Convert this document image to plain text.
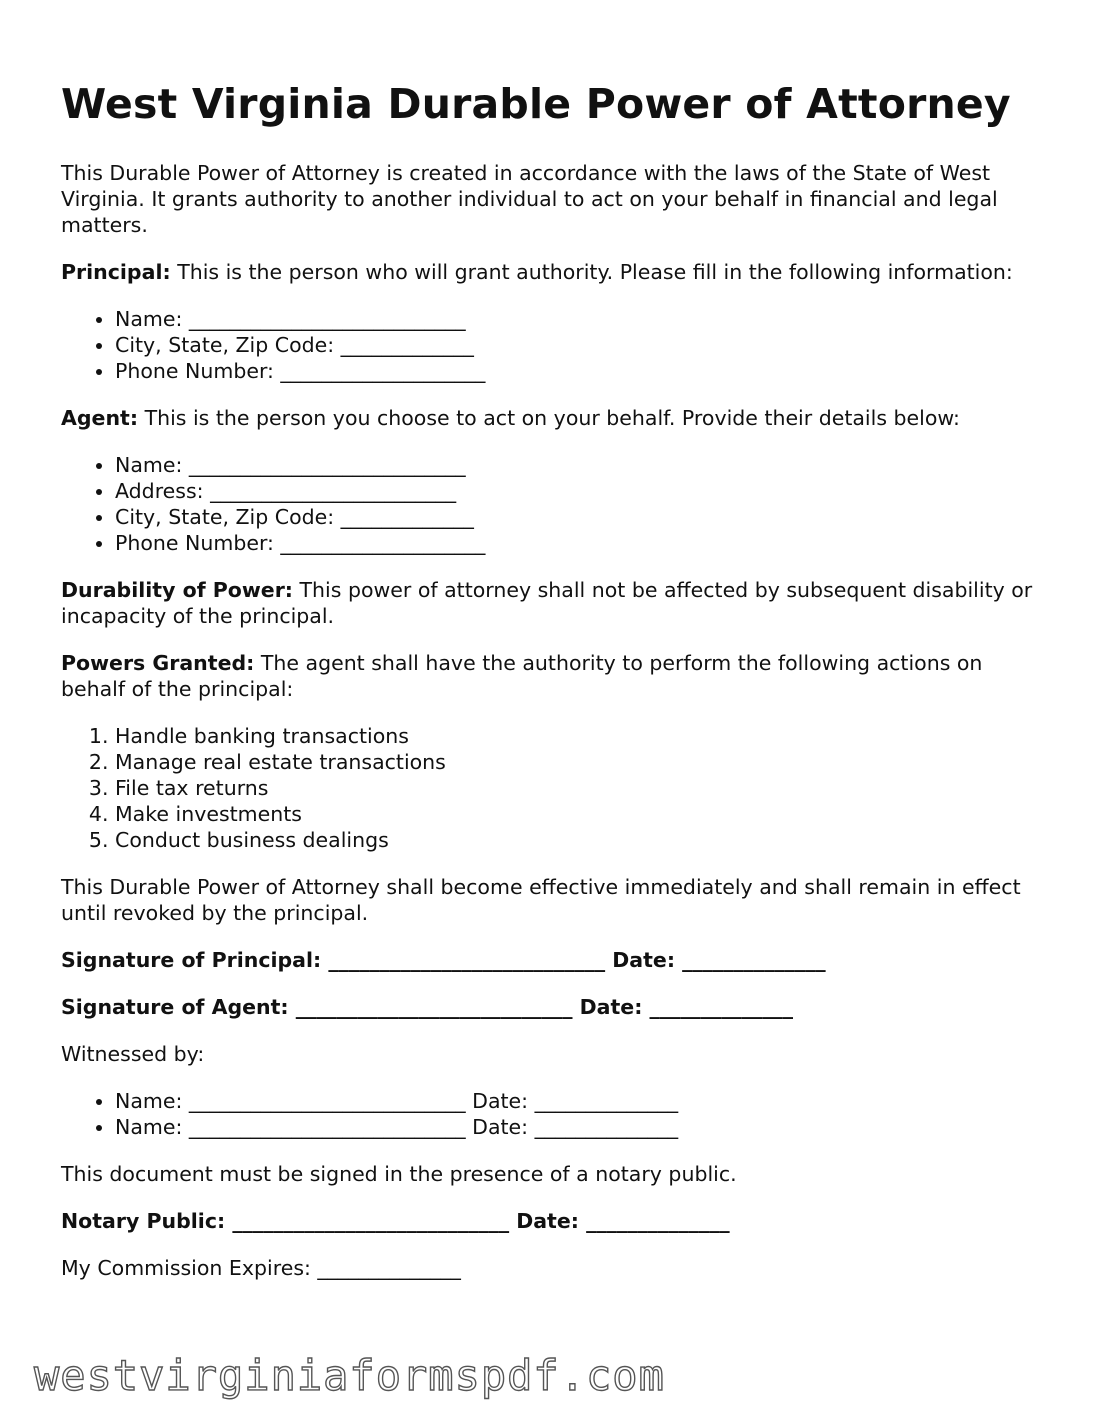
West Virginia Durable Power of Attorney

This Durable Power of Attorney is created in accordance with the laws of the State of West Virginia. It grants authority to another individual to act on your behalf in financial and legal matters.

Principal: This is the person who will grant authority. Please fill in the following information:

• Name: ___________________________
• City, State, Zip Code: _____________
• Phone Number: ____________________

Agent: This is the person you choose to act on your behalf. Provide their details below:

• Name: ___________________________
• Address: ________________________
• City, State, Zip Code: _____________
• Phone Number: ____________________

Durability of Power: This power of attorney shall not be affected by subsequent disability or incapacity of the principal.

Powers Granted: The agent shall have the authority to perform the following actions on behalf of the principal:

1. Handle banking transactions
2. Manage real estate transactions
3. File tax returns
4. Make investments
5. Conduct business dealings

This Durable Power of Attorney shall become effective immediately and shall remain in effect until revoked by the principal.

Signature of Principal: ___________________________ Date: ______________

Signature of Agent: ___________________________ Date: ______________

Witnessed by:

• Name: ___________________________ Date: ______________
• Name: ___________________________ Date: ______________

This document must be signed in the presence of a notary public.

Notary Public: ___________________________ Date: ______________

My Commission Expires: ______________

westvirginiaformspdf.com
